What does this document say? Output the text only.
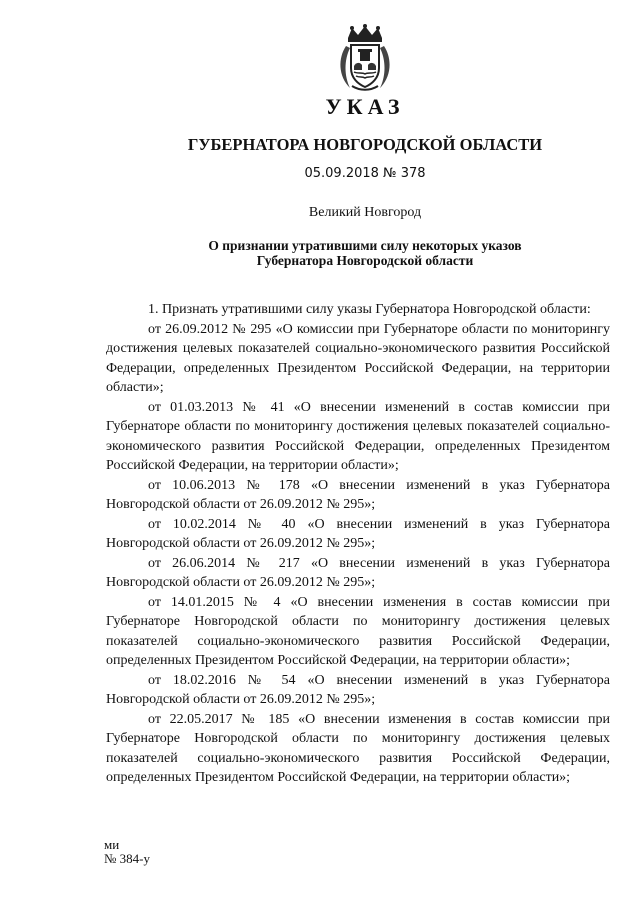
УКАЗ
ГУБЕРНАТОРА НОВГОРОДСКОЙ ОБЛАСТИ
05.09.2018 № 378
Великий Новгород
О признании утратившими силу некоторых указов
Губернатора Новгородской области

1. Признать утратившими силу указы Губернатора Новгородской области:

от 26.09.2012 № 295 «О комиссии при Губернаторе области по мониторингу достижения целевых показателей социально-экономического развития Российской Федерации, определенных Президентом Российской Федерации, на территории области»;

от 01.03.2013 № 41 «О внесении изменений в состав комиссии при Губернаторе области по мониторингу достижения целевых показателей социально-экономического развития Российской Федерации, определенных Президентом Российской Федерации, на территории области»;

от 10.06.2013 № 178 «О внесении изменений в указ Губернатора Новгородской области от 26.09.2012 № 295»;

от 10.02.2014 № 40 «О внесении изменений в указ Губернатора Новгородской области от 26.09.2012 № 295»;

от 26.06.2014 № 217 «О внесении изменений в указ Губернатора Новгородской области от 26.09.2012 № 295»;

от 14.01.2015 № 4 «О внесении изменения в состав комиссии при Губернаторе Новгородской области по мониторингу достижения целевых показателей социально-экономического развития Российской Федерации, определенных Президентом Российской Федерации, на территории области»;

от 18.02.2016 № 54 «О внесении изменений в указ Губернатора Новгородской области от 26.09.2012 № 295»;

от 22.05.2017 № 185 «О внесении изменения в состав комиссии при Губернаторе Новгородской области по мониторингу достижения целевых показателей социально-экономического развития Российской Федерации, определенных Президентом Российской Федерации, на территории области»;

ми
№ 384-у
